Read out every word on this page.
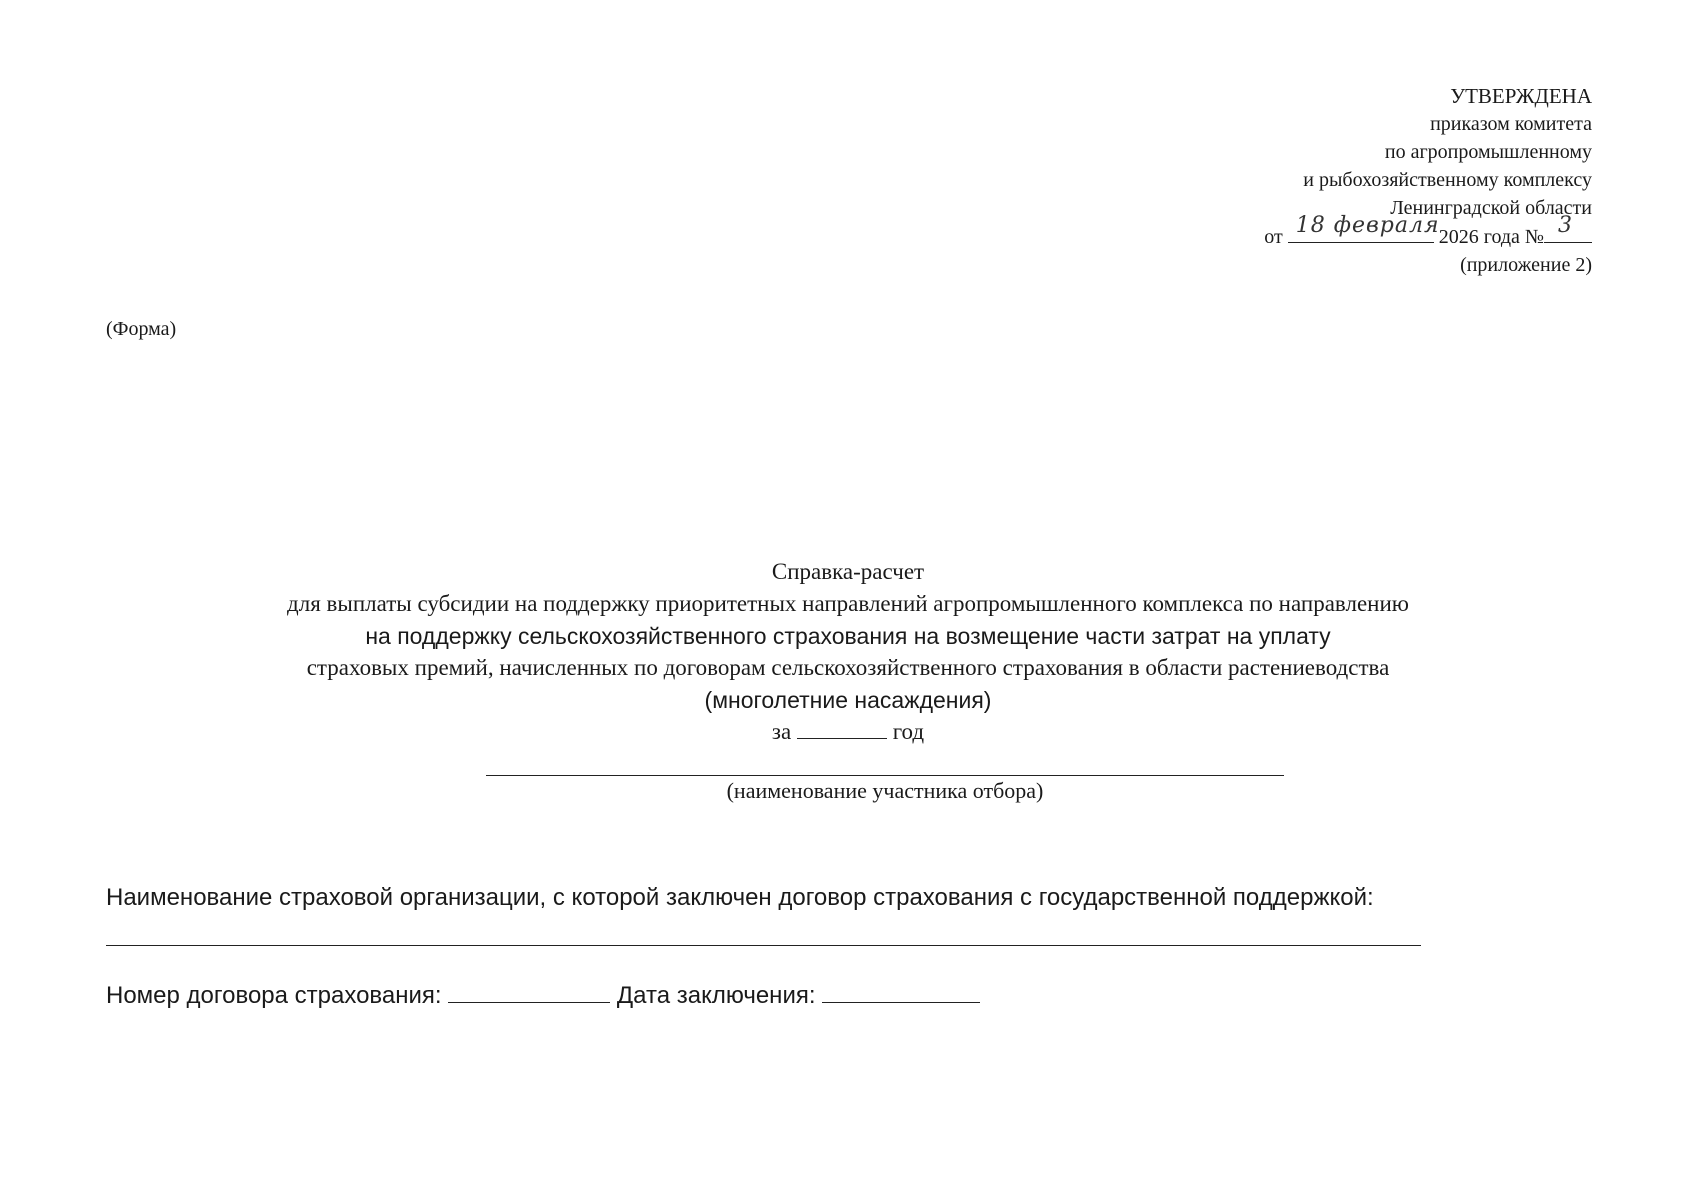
УТВЕРЖДЕНА
приказом комитета
по агропромышленному
и рыбохозяйственному комплексу
Ленинградской области
от 18 февраля 2026 года № 3
(приложение 2)
(Форма)
Справка-расчет
для выплаты субсидии на поддержку приоритетных направлений агропромышленного комплекса по направлению
на поддержку сельскохозяйственного страхования на возмещение части затрат на уплату
страховых премий, начисленных по договорам сельскохозяйственного страхования в области растениеводства
(многолетние насаждения)
за	год
(наименование участника отбора)
Наименование страховой организации, с которой заключен договор страхования с государственной поддержкой:
Номер договора страхования:	Дата заключения:
